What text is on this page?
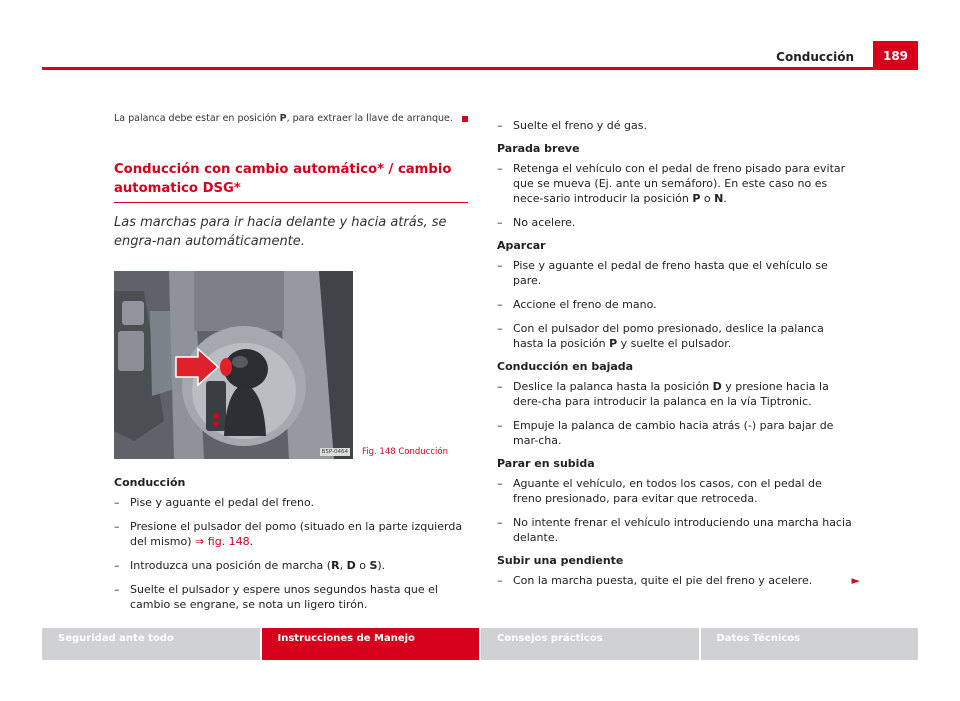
Conducción	189

La palanca debe estar en posición P, para extraer la llave de arranque.

Conducción con cambio automático* / cambio automatico DSG*

Las marchas para ir hacia delante y hacia atrás, se engra-nan automáticamente.

B5P-0464 Fig. 148 Conducción
Conducción
– Pise y aguante el pedal del freno.
– Presione el pulsador del pomo (situado en la parte izquierda del mismo) ⇒ fig. 148.
– Introduzca una posición de marcha (R, D o S).
– Suelte el pulsador y espere unos segundos hasta que el cambio se engrane, se nota un ligero tirón.
– Suelte el freno y dé gas.
Parada breve
– Retenga el vehículo con el pedal de freno pisado para evitar que se mueva (Ej. ante un semáforo). En este caso no es nece-sario introducir la posición P o N.
– No acelere.
Aparcar
– Pise y aguante el pedal de freno hasta que el vehículo se pare.
– Accione el freno de mano.
– Con el pulsador del pomo presionado, deslice la palanca hasta la posición P y suelte el pulsador.
Conducción en bajada
– Deslice la palanca hasta la posición D y presione hacia la dere-cha para introducir la palanca en la vía Tiptronic.
– Empuje la palanca de cambio hacia atrás (-) para bajar de mar-cha.
Parar en subida
– Aguante el vehículo, en todos los casos, con el pedal de freno presionado, para evitar que retroceda.
– No intente frenar el vehículo introduciendo una marcha hacia delante.
Subir una pendiente
– Con la marcha puesta, quite el pie del freno y acelere.	►
Seguridad ante todo	Instrucciones de Manejo	Consejos prácticos	Datos Técnicos
